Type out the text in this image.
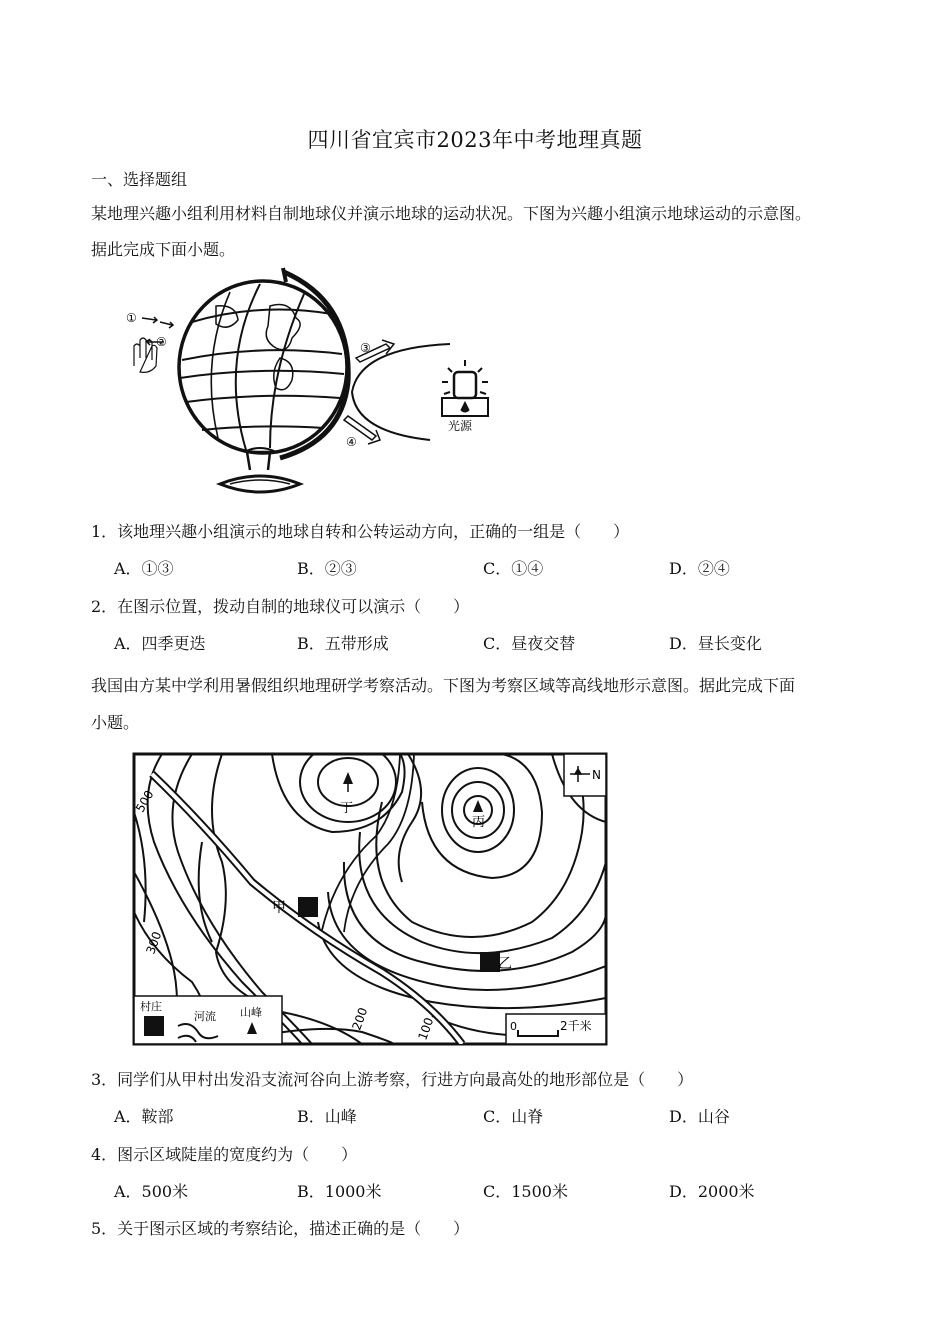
四川省宜宾市2023年中考地理真题
一、选择题组
某地理兴趣小组利用材料自制地球仪并演示地球的运动状况。下图为兴趣小组演示地球运动的示意图。
据此完成下面小题。
①
②	③
④
光源
1．该地理兴趣小组演示的地球自转和公转运动方向，正确的一组是（　　）
A．①③	B．②③	C．①④	D．②④
2．在图示位置，拨动自制的地球仪可以演示（　　）
A．四季更迭	B．五带形成	C．昼夜交替	D．昼长变化
我国由方某中学利用暑假组织地理研学考察活动。下图为考察区域等高线地形示意图。据此完成下面
小题。
500
300
200	100
丁
丙
甲
乙
N
0	2千米
村庄
河流 山峰
3．同学们从甲村出发沿支流河谷向上游考察，行进方向最高处的地形部位是（　　）
A．鞍部	B．山峰	C．山脊	D．山谷
4．图示区域陡崖的宽度约为（　　）
A．500米	B．1000米	C．1500米	D．2000米
5．关于图示区域的考察结论，描述正确的是（　　）
